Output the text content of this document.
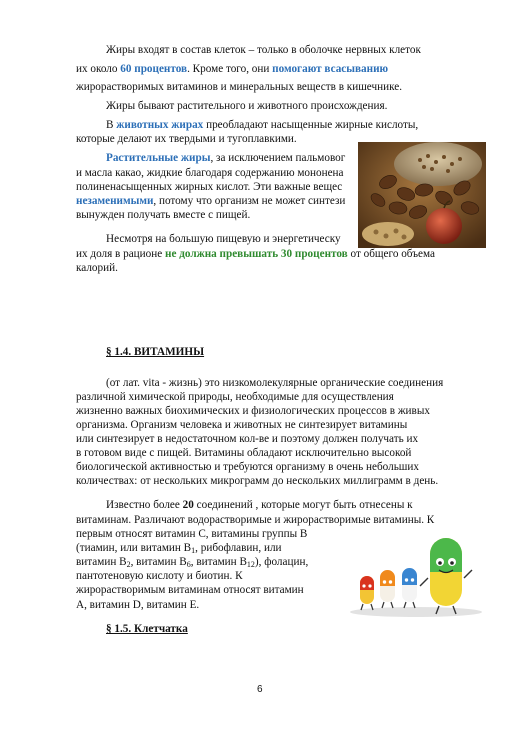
Жиры входят в состав клеток – только в оболочке нервных клеток
их около 60 процентов. Кроме того, они помогают всасыванию
жирорастворимых витаминов и минеральных веществ в кишечнике.
Жиры бывают растительного и животного происхождения.
В животных жирах преобладают насыщенные жирные кислоты,
которые делают их твердыми и тугоплавкими.
Растительные жиры, за исключением пальмовог
и масла какао, жидкие благодаря содержанию мононена
полиненасыщенных жирных кислот. Эти важные вещес
незаменимыми, потому что организм не может синтези
вынужден получать вместе с пищей.
Несмотря на большую пищевую и энергетическу
их доля в рационе не должна превышать 30 процентов от общего объема
калорий.
§ 1.4. ВИТАМИНЫ
(от лат. vita - жизнь) это низкомолекулярные органические соединения
различной химической природы, необходимые для осуществления
жизненно важных биохимических и физиологических процессов в живых
организма. Организм человека и животных не синтезирует витамины
или синтезирует в недостаточном кол-ве и поэтому должен получать их
в готовом виде с пищей. Витамины обладают исключительно высокой
биологической активностью и требуются организму в очень небольших
количествах: от нескольких микрограмм до нескольких миллиграмм в день.
Известно более 20 соединений , которые могут быть отнесены к
витаминам. Различают водорастворимые и жирорастворимые витамины. К
первым относят витамин С, витамины группы В
(тиамин, или витамин $В_1$, рибофлавин, или
витамин $В_2$, витамин $В_6$, витамин $В_{12}$), фолацин,
пантотеновую кислоту и биотин. К
жирорастворимым витаминам относят витамин
А, витамин D, витамин Е.
§ 1.5. Клетчатка
6
